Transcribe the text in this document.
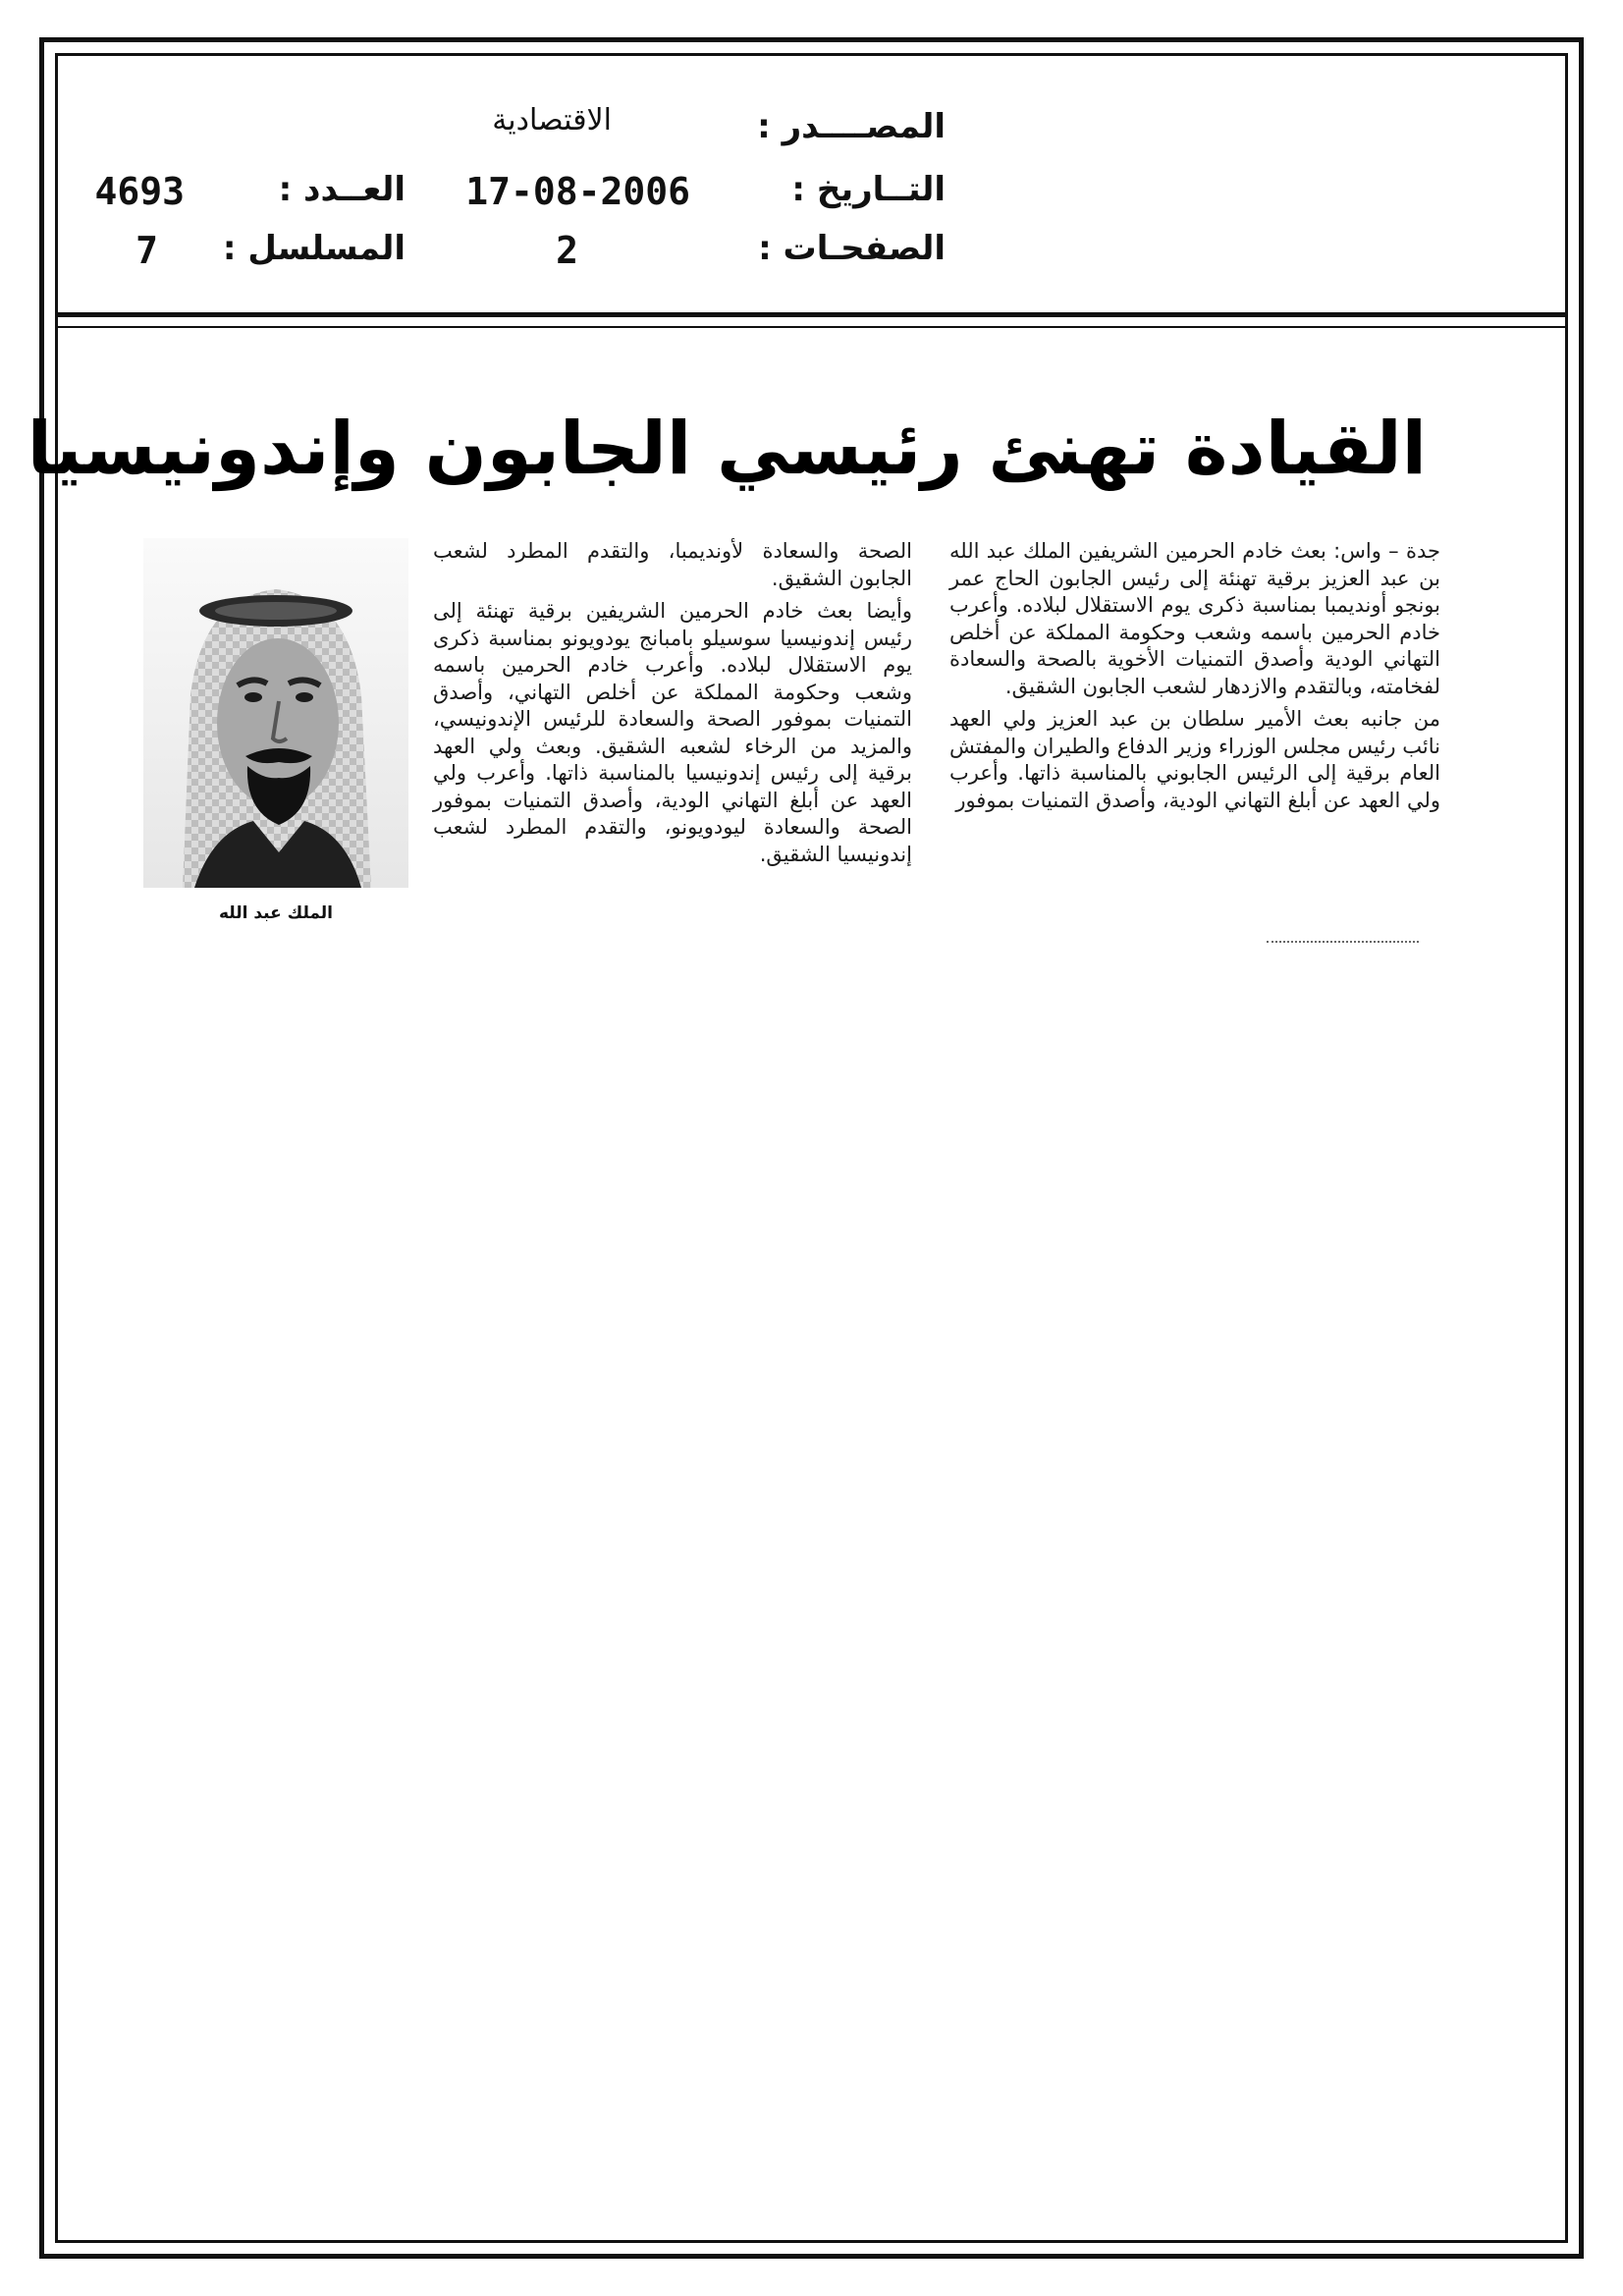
المصــــدر :
الاقتصادية
التــاريخ :
17-08-2006
العــدد :
4693
الصفحـات :
2
المسلسل :
7
القيادة تهنئ رئيسي الجابون وإندونيسيا

جدة – واس: بعث خادم الحرمين الشريفين الملك عبد الله بن عبد العزيز برقية تهنئة إلى رئيس الجابون الحاج عمر بونجو أونديمبا بمناسبة ذكرى يوم الاستقلال لبلاده. وأعرب خادم الحرمين باسمه وشعب وحكومة المملكة عن أخلص التهاني الودية وأصدق التمنيات الأخوية بالصحة والسعادة لفخامته، وبالتقدم والازدهار لشعب الجابون الشقيق.

من جانبه بعث الأمير سلطان بن عبد العزيز ولي العهد نائب رئيس مجلس الوزراء وزير الدفاع والطيران والمفتش العام برقية إلى الرئيس الجابوني بالمناسبة ذاتها. وأعرب ولي العهد عن أبلغ التهاني الودية، وأصدق التمنيات بموفور

الصحة والسعادة لأونديمبا، والتقدم المطرد لشعب الجابون الشقيق.

وأيضا بعث خادم الحرمين الشريفين برقية تهنئة إلى رئيس إندونيسيا سوسيلو بامبانج يودويونو بمناسبة ذكرى يوم الاستقلال لبلاده. وأعرب خادم الحرمين باسمه وشعب وحكومة المملكة عن أخلص التهاني، وأصدق التمنيات بموفور الصحة والسعادة للرئيس الإندونيسي، والمزيد من الرخاء لشعبه الشقيق. وبعث ولي العهد برقية إلى رئيس إندونيسيا بالمناسبة ذاتها. وأعرب ولي العهد عن أبلغ التهاني الودية، وأصدق التمنيات بموفور الصحة والسعادة ليودويونو، والتقدم المطرد لشعب إندونيسيا الشقيق.

الملك عبد الله
